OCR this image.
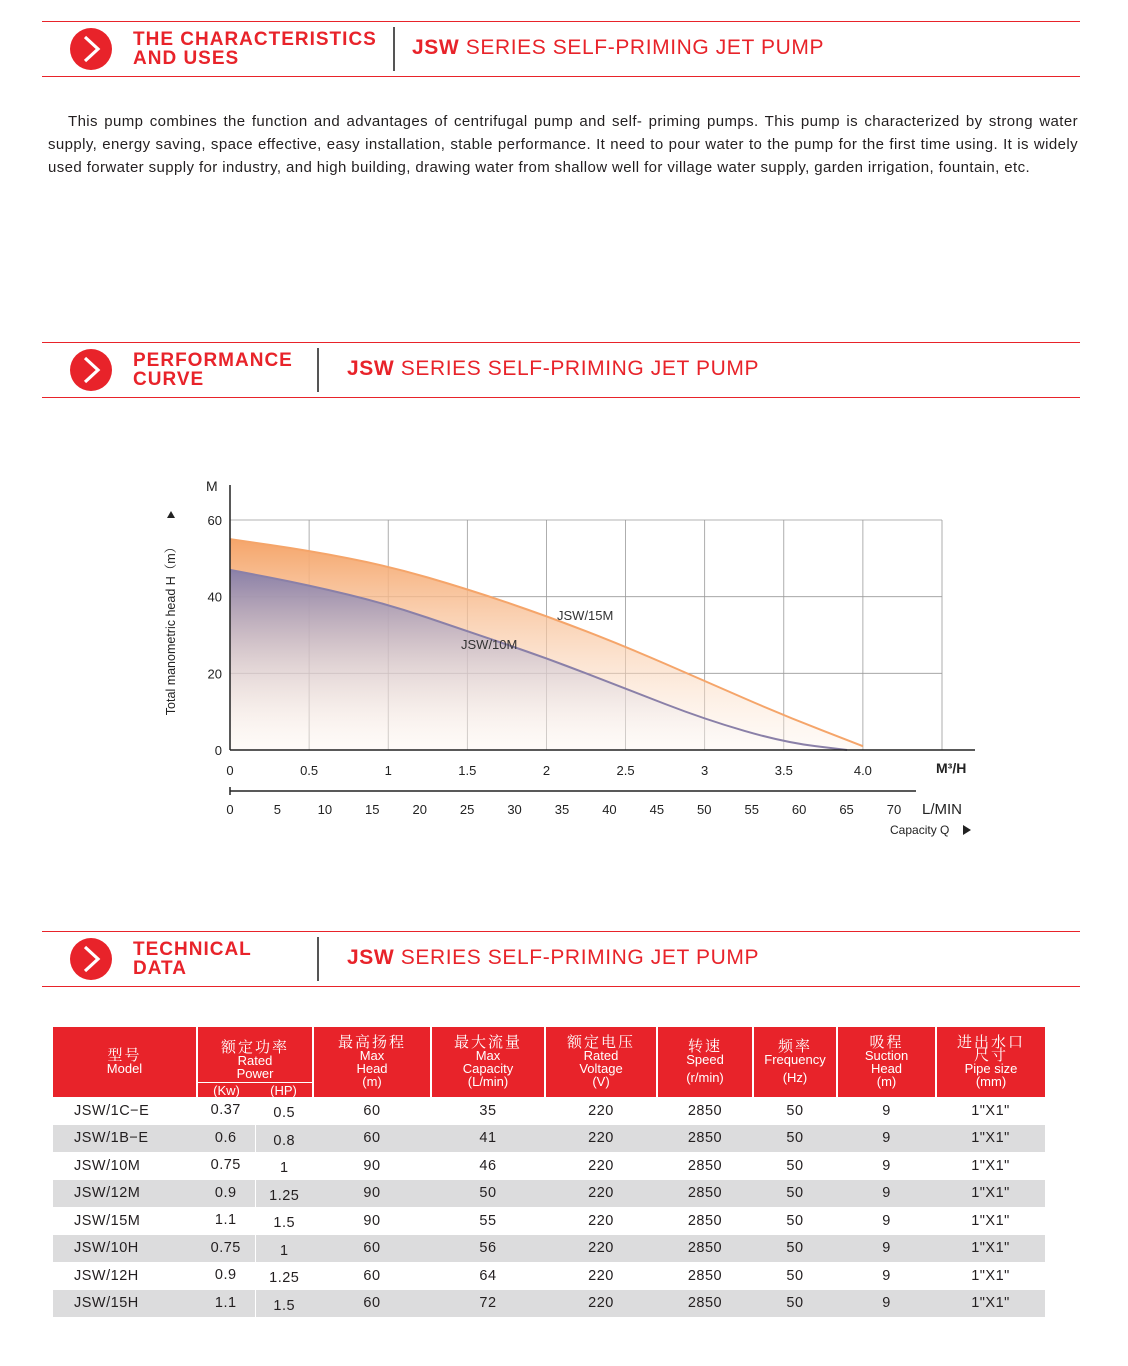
THE CHARACTERISTICS
AND USES	JSW SERIES SELF-PRIMING JET PUMP

This pump combines the function and advantages of centrifugal pump and self- priming pumps. This pump is characterized by strong water supply, energy saving, space effective, easy installation, stable performance. It need to pour water to the pump for the first time using. It is widely used forwater supply for industry, and high building, drawing water from shallow well for village water supply, garden irrigation, fountain, etc.

PERFORMANCE
CURVE	JSW SERIES SELF-PRIMING JET PUMP
JSW/15M
JSW/10M
M
0
20
40
60
Total manometric head H（m）
0	0.5	1	1.5	2	2.5	3	3.5	4.0	M³/H
0	5	10	15	20	25	30	35	40	45	50	55	60	65	70 L/MIN
Capacity Q
TECHNICAL
DATA	JSW SERIES SELF-PRIMING JET PUMP
型号
Model	额定功率
Rated
Power
(Kw) (HP)	最高扬程
Max
Head
(m)	最大流量
Max
Capacity
(L/min)	额定电压
Rated
Voltage
(V)	转速
Speed
(r/min)	频率
Frequency
(Hz)	吸程
Suction
Head
(m)	进出水口
尺寸
Pipe size
(mm)

JSW/1C−E	0.37 0.5	60	35	220	2850	50	9	1"X1"
JSW/1B−E	0.6 0.8	60	41	220	2850	50	9	1"X1"
JSW/10M	0.75 1	90	46	220	2850	50	9	1"X1"
JSW/12M	0.9 1.25	90	50	220	2850	50	9	1"X1"
JSW/15M	1.1 1.5	90	55	220	2850	50	9	1"X1"
JSW/10H	0.75 1	60	56	220	2850	50	9	1"X1"
JSW/12H	0.9 1.25	60	64	220	2850	50	9	1"X1"
JSW/15H	1.1 1.5	60	72	220	2850	50	9	1"X1"
